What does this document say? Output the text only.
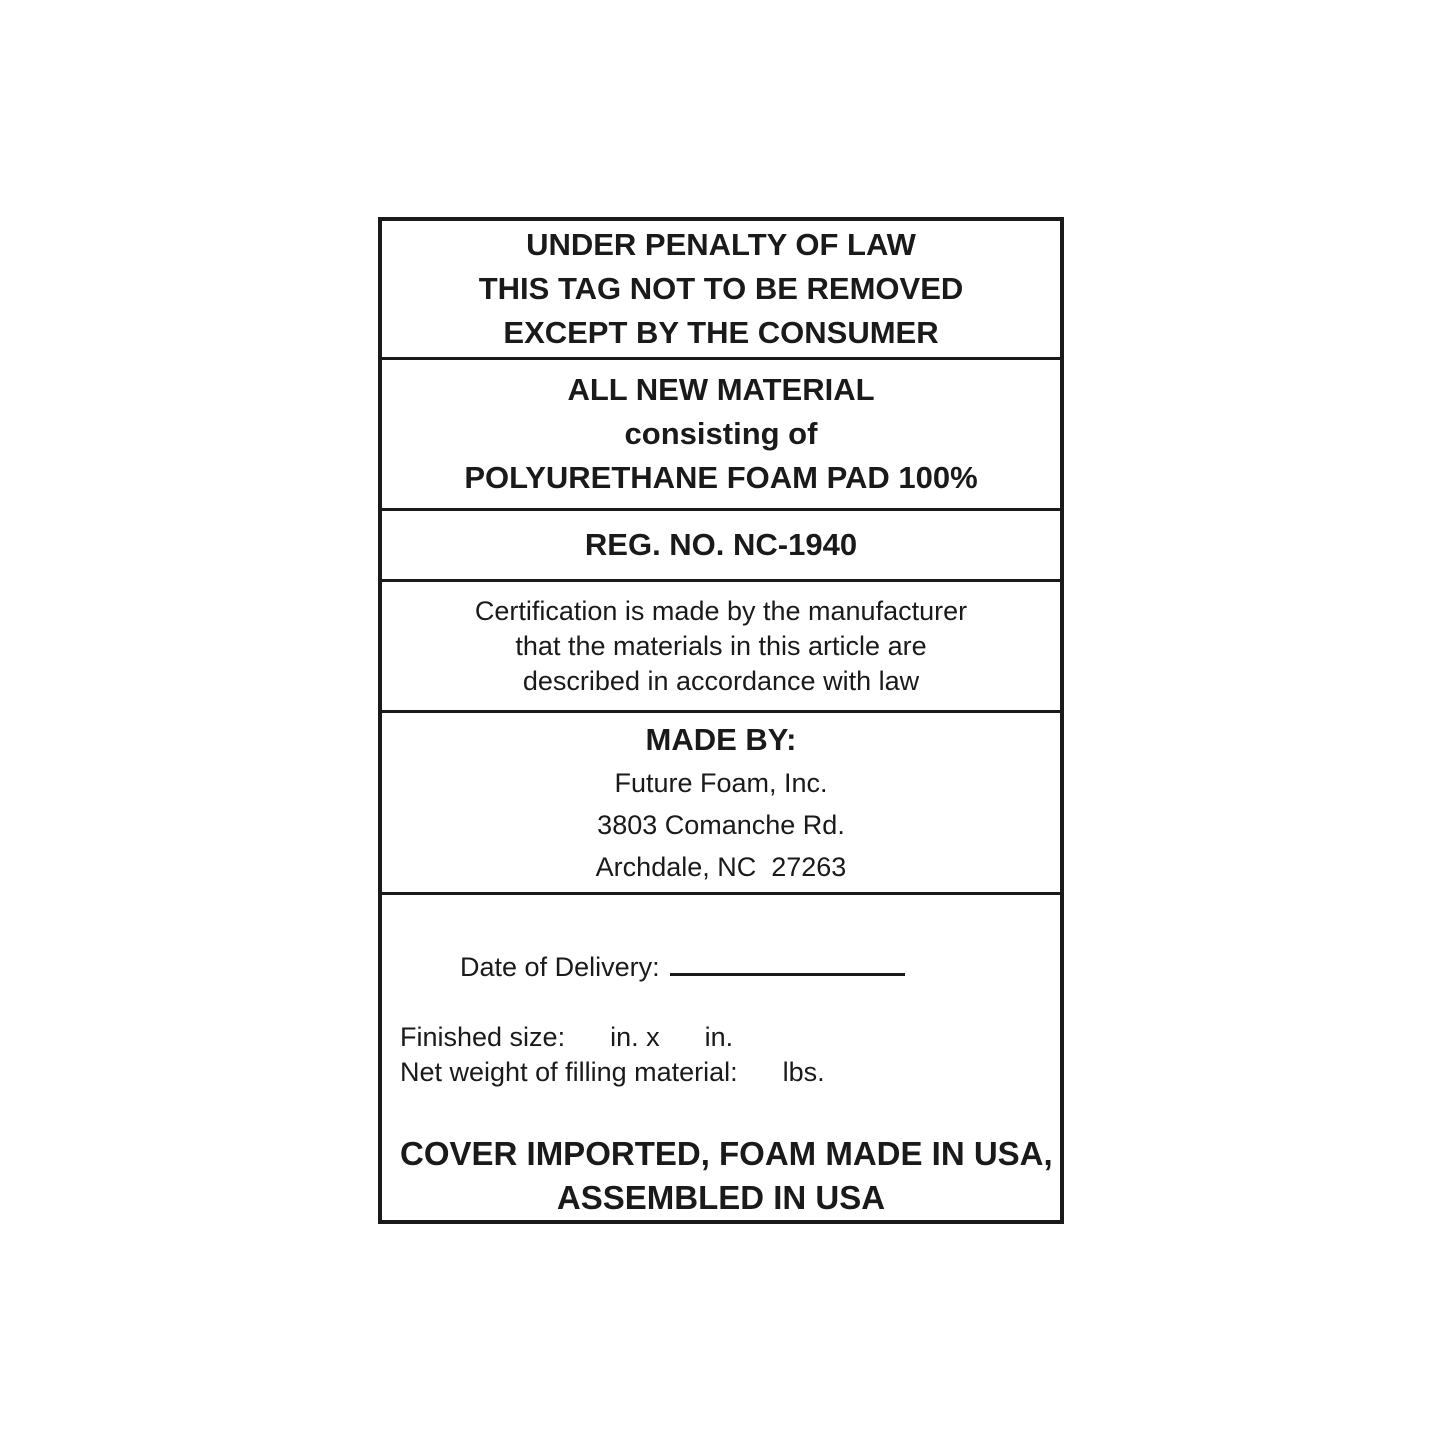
UNDER PENALTY OF LAW
THIS TAG NOT TO BE REMOVED
EXCEPT BY THE CONSUMER
ALL NEW MATERIAL
consisting of
POLYURETHANE FOAM PAD 100%
REG. NO. NC-1940
Certification is made by the manufacturer
that the materials in this article are
described in accordance with law
MADE BY:
Future Foam, Inc.
3803 Comanche Rd.
Archdale, NC  27263

Date of Delivery:

Finished size:      in. x      in.
Net weight of filling material:      lbs.
COVER IMPORTED, FOAM MADE IN USA,
ASSEMBLED IN USA
